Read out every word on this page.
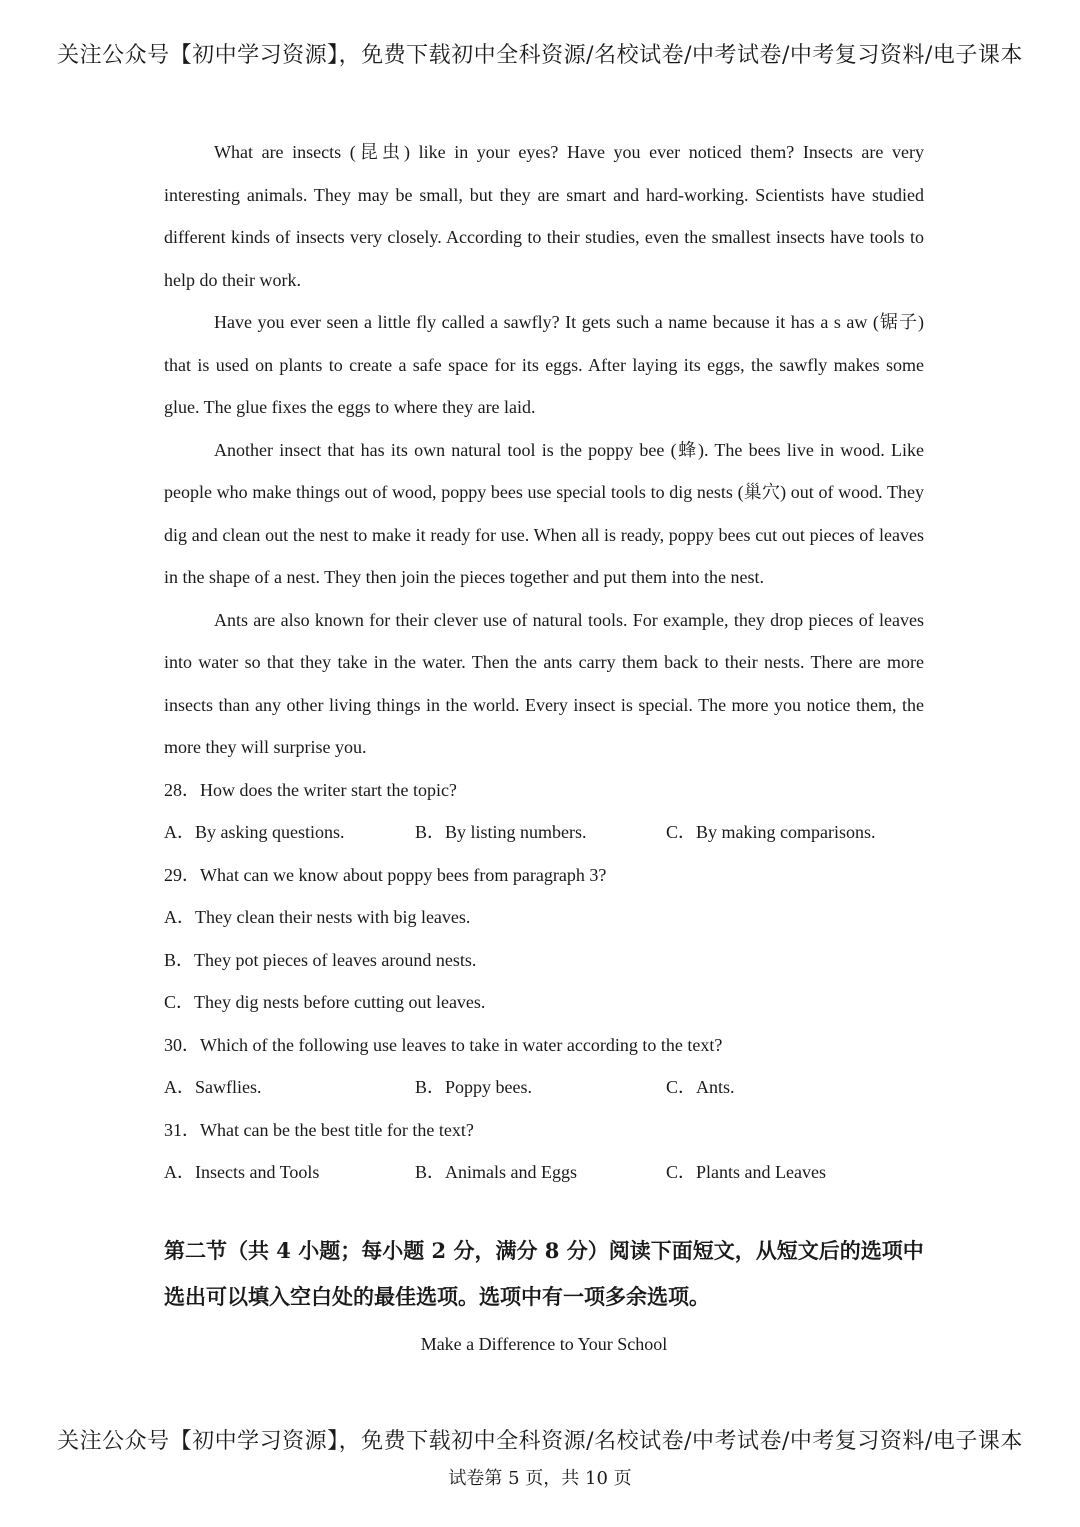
关注公众号【初中学习资源】，免费下载初中全科资源/名校试卷/中考试卷/中考复习资料/电子课本

What are insects (昆虫) like in your eyes? Have you ever noticed them? Insects are very interesting animals. They may be small, but they are smart and hard-working. Scientists have studied different kinds of insects very closely. According to their studies, even the smallest insects have tools to help do their work.

Have you ever seen a little fly called a sawfly? It gets such a name because it has a s aw (锯子) that is used on plants to create a safe space for its eggs. After laying its eggs, the sawfly makes some glue. The glue fixes the eggs to where they are laid.

Another insect that has its own natural tool is the poppy bee (蜂). The bees live in wood. Like people who make things out of wood, poppy bees use special tools to dig nests (巢穴) out of wood. They dig and clean out the nest to make it ready for use. When all is ready, poppy bees cut out pieces of leaves in the shape of a nest. They then join the pieces together and put them into the nest.

Ants are also known for their clever use of natural tools. For example, they drop pieces of leaves into water so that they take in the water. Then the ants carry them back to their nests. There are more insects than any other living things in the world. Every insect is special. The more you notice them, the more they will surprise you.

28．How does the writer start the topic?

A．By asking questions.	B．By listing numbers.	C．By making comparisons.

29．What can we know about poppy bees from paragraph 3?

A．They clean their nests with big leaves.

B．They pot pieces of leaves around nests.

C．They dig nests before cutting out leaves.

30．Which of the following use leaves to take in water according to the text?

A．Sawflies.	B．Poppy bees.	C．Ants.

31．What can be the best title for the text?

A．Insects and Tools	B．Animals and Eggs	C．Plants and Leaves

第二节（共 4 小题；每小题 2 分，满分 8 分）阅读下面短文，从短文后的选项中选出可以填入空白处的最佳选项。选项中有一项多余选项。

Make a Difference to Your School

关注公众号【初中学习资源】，免费下载初中全科资源/名校试卷/中考试卷/中考复习资料/电子课本
试卷第 5 页，共 10 页
